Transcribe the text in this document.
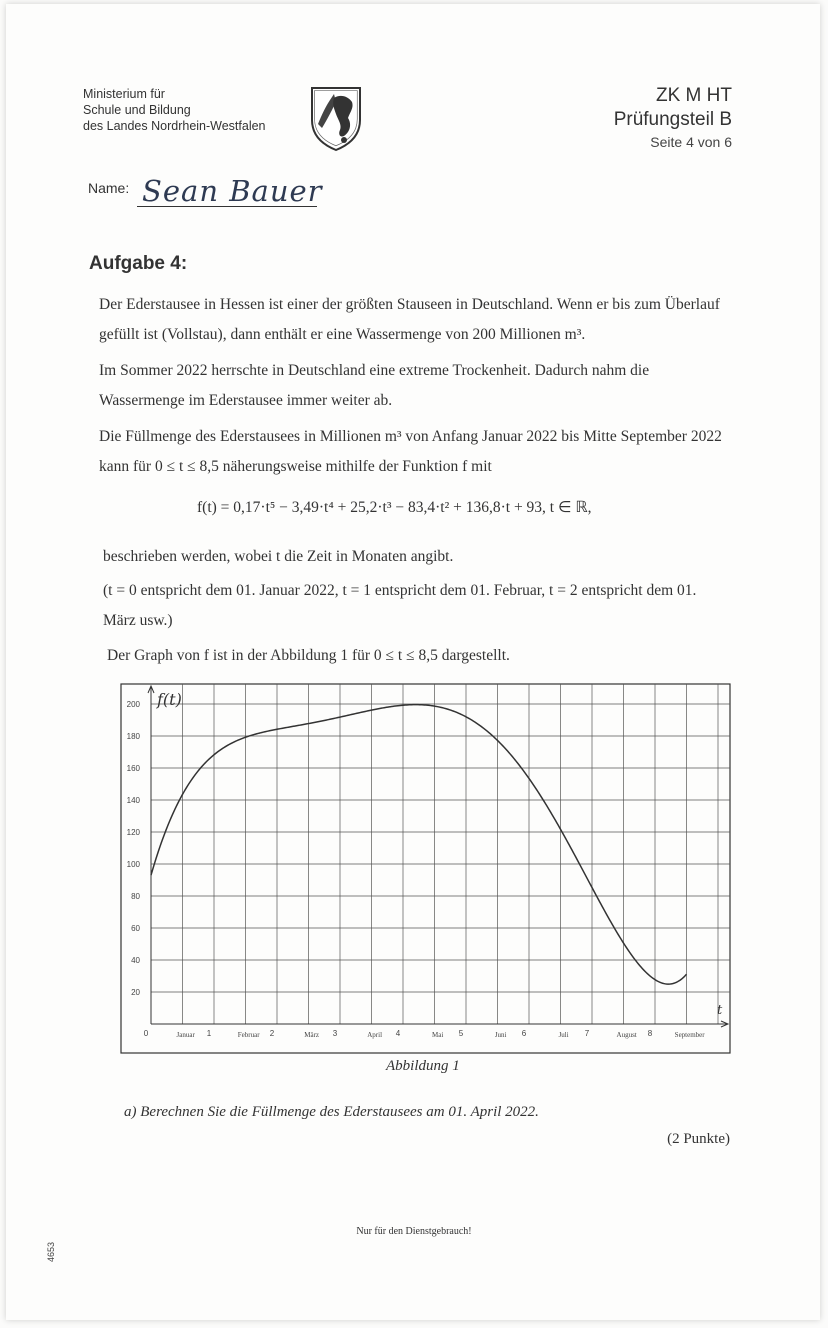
Ministerium für
Schule und Bildung
des Landes Nordrhein-Westfalen
ZK M HT
Prüfungsteil B
Seite 4 von 6
Name: Sean Bauer
Aufgabe 4:
Der Ederstausee in Hessen ist einer der größten Stauseen in Deutschland. Wenn er bis zum Überlauf gefüllt ist (Vollstau), dann enthält er eine Wassermenge von 200 Millionen m³.
Im Sommer 2022 herrschte in Deutschland eine extreme Trockenheit. Dadurch nahm die Wassermenge im Ederstausee immer weiter ab.
Die Füllmenge des Ederstausees in Millionen m³ von Anfang Januar 2022 bis Mitte September 2022 kann für 0 ≤ t ≤ 8,5 näherungsweise mithilfe der Funktion f mit
f(t) = 0,17·t⁵ − 3,49·t⁴ + 25,2·t³ − 83,4·t² + 136,8·t + 93, t ∈ ℝ,
beschrieben werden, wobei t die Zeit in Monaten angibt.
(t = 0 entspricht dem 01. Januar 2022, t = 1 entspricht dem 01. Februar, t = 2 entspricht dem 01. März usw.)
Der Graph von f ist in der Abbildung 1 für 0 ≤ t ≤ 8,5 dargestellt.
20
40
60
80
100
120
140
160
180
200
0	1	2	3	4	5	6	7	8
Januar	Februar	März	April	Mai	Juni	Juli	August	September
f(t)
t
Abbildung 1
a) Berechnen Sie die Füllmenge des Ederstausees am 01. April 2022.
(2 Punkte)
Nur für den Dienstgebrauch!
4653
